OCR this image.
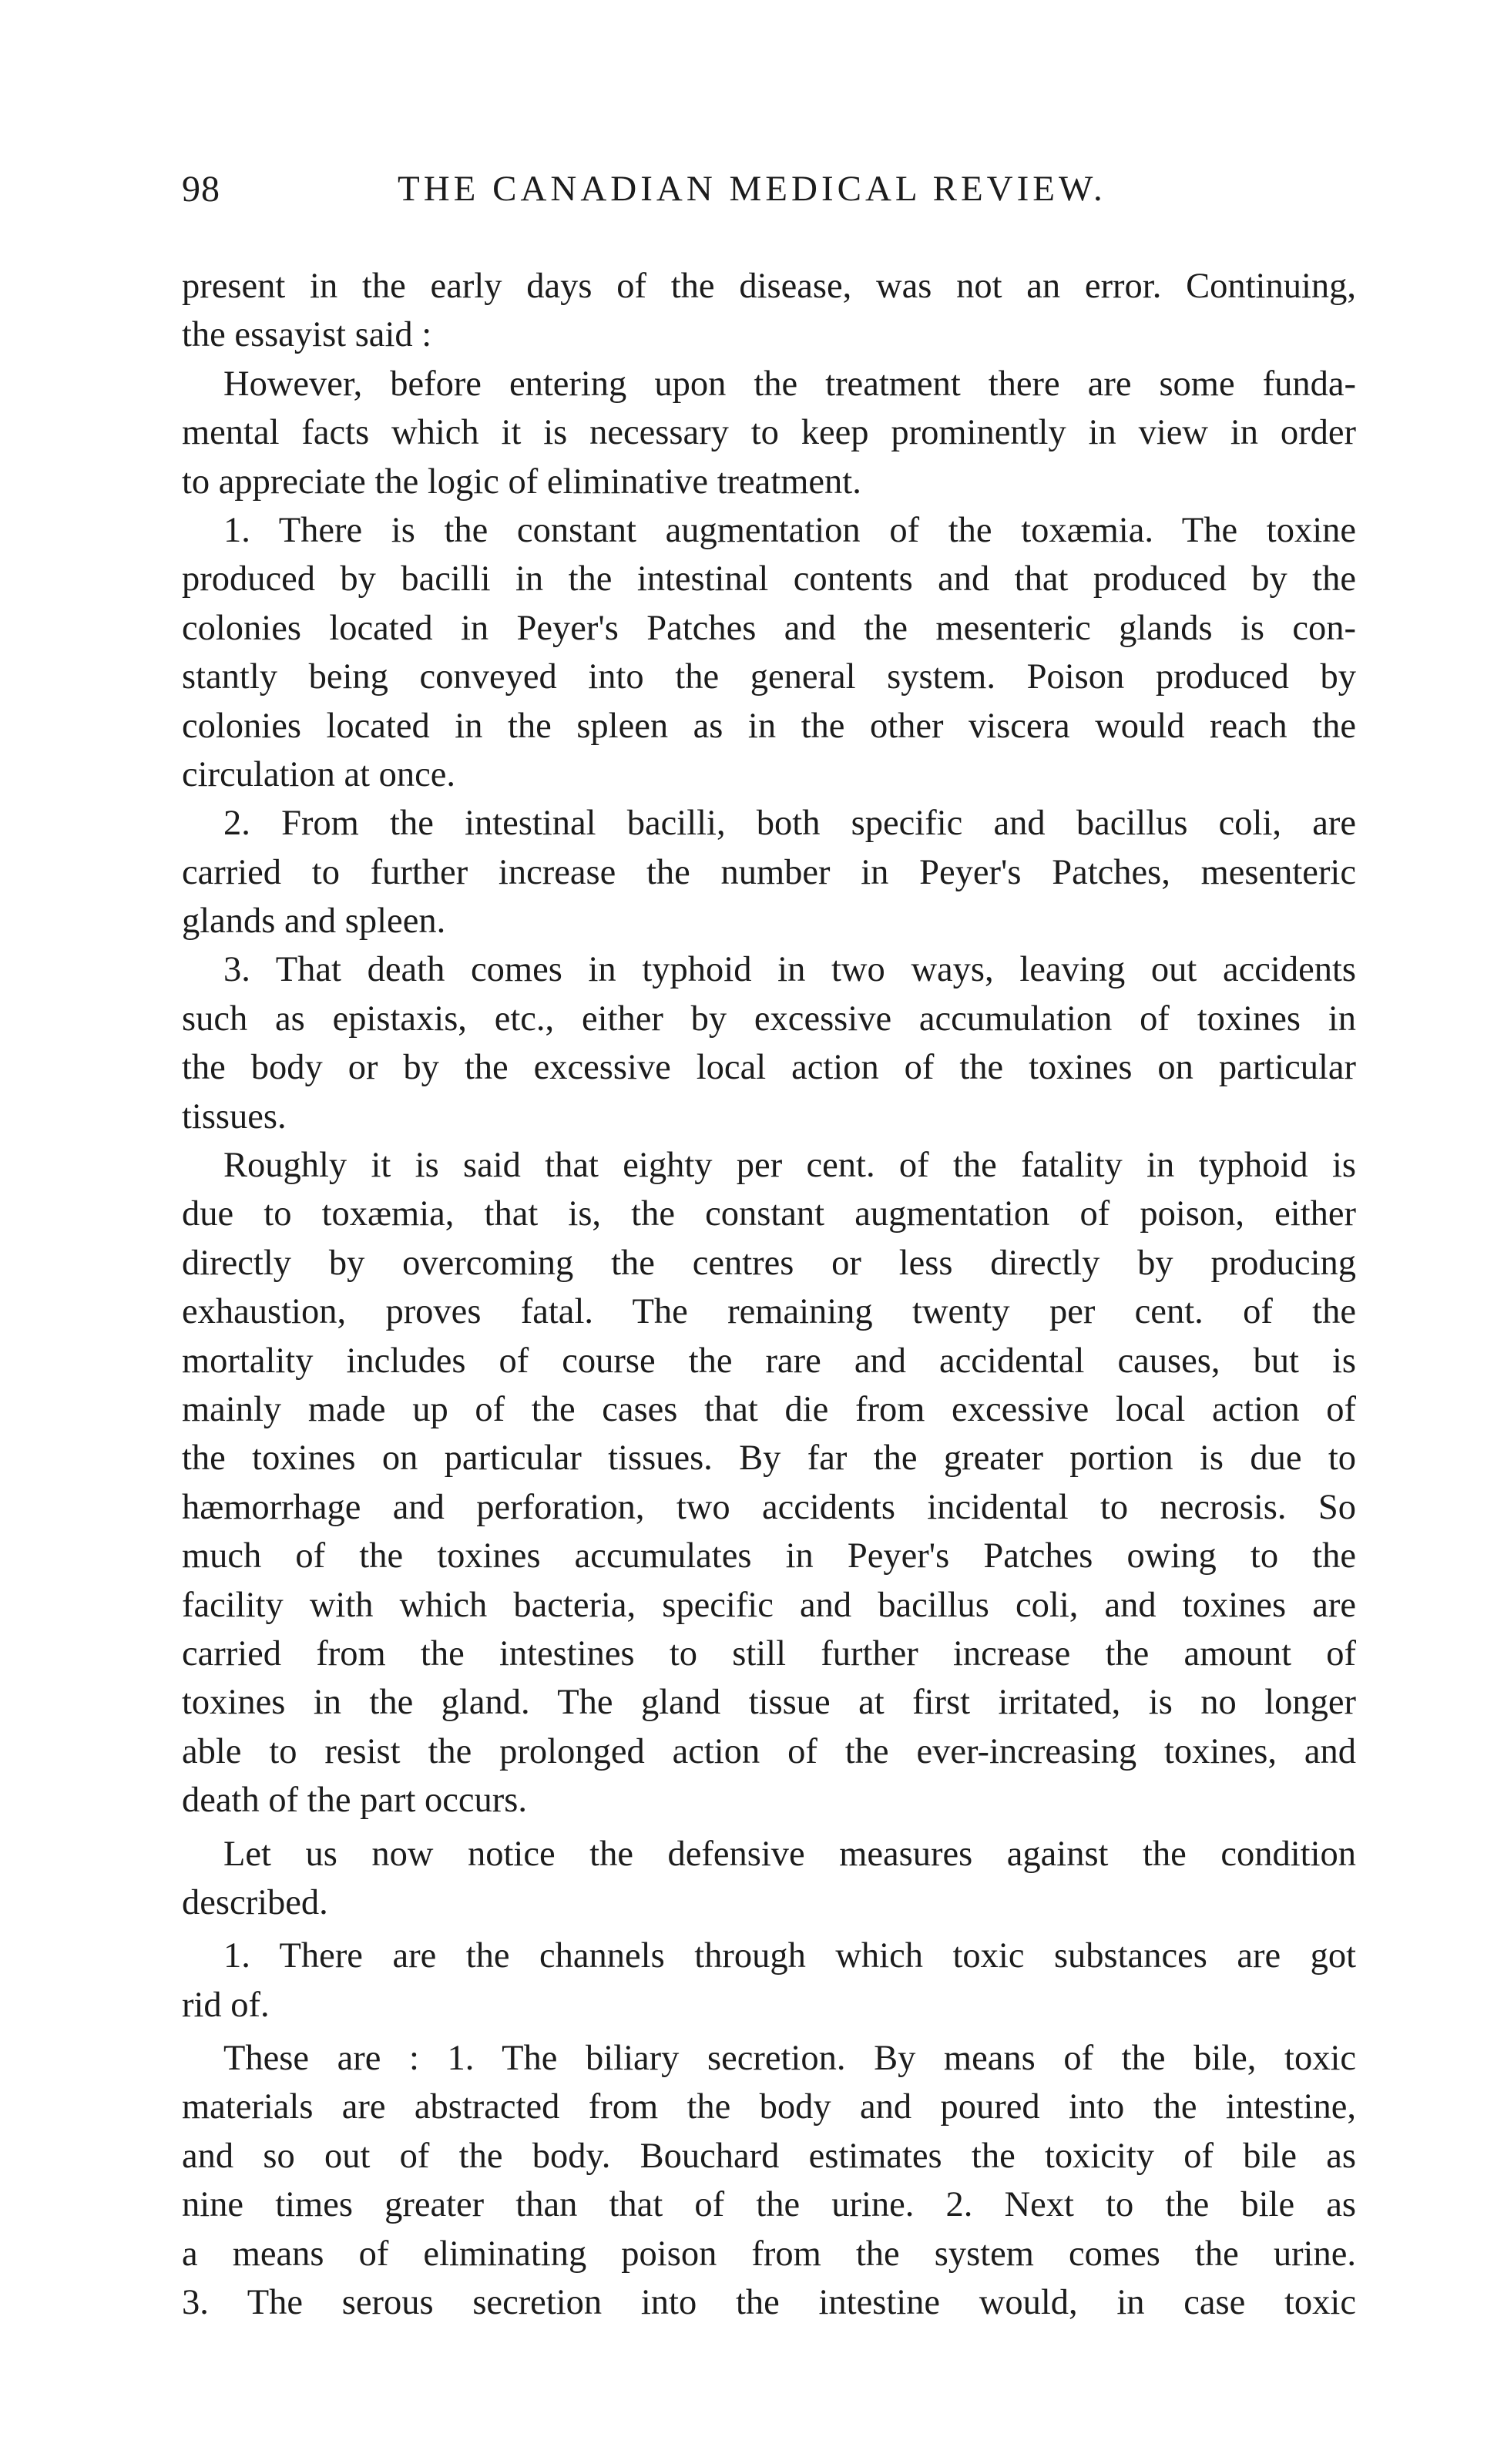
98	THE CANADIAN MEDICAL REVIEW.
present in the early days of the disease, was not an error. Continuing,
the essayist said :
However, before entering upon the treatment there are some funda-
mental facts which it is necessary to keep prominently in view in order
to appreciate the logic of eliminative treatment.
1. There is the constant augmentation of the toxæmia. The toxine
produced by bacilli in the intestinal contents and that produced by the
colonies located in Peyer's Patches and the mesenteric glands is con-
stantly being conveyed into the general system. Poison produced by
colonies located in the spleen as in the other viscera would reach the
circulation at once.
2. From the intestinal bacilli, both specific and bacillus coli, are
carried to further increase the number in Peyer's Patches, mesenteric
glands and spleen.
3. That death comes in typhoid in two ways, leaving out accidents
such as epistaxis, etc., either by excessive accumulation of toxines in
the body or by the excessive local action of the toxines on particular
tissues.
Roughly it is said that eighty per cent. of the fatality in typhoid is
due to toxæmia, that is, the constant augmentation of poison, either
directly by overcoming the centres or less directly by producing
exhaustion, proves fatal. The remaining twenty per cent. of the
mortality includes of course the rare and accidental causes, but is
mainly made up of the cases that die from excessive local action of
the toxines on particular tissues. By far the greater portion is due to
hæmorrhage and perforation, two accidents incidental to necrosis. So
much of the toxines accumulates in Peyer's Patches owing to the
facility with which bacteria, specific and bacillus coli, and toxines are
carried from the intestines to still further increase the amount of
toxines in the gland. The gland tissue at first irritated, is no longer
able to resist the prolonged action of the ever-increasing toxines, and
death of the part occurs.
Let us now notice the defensive measures against the condition
described.
1. There are the channels through which toxic substances are got
rid of.
These are : 1. The biliary secretion. By means of the bile, toxic
materials are abstracted from the body and poured into the intestine,
and so out of the body. Bouchard estimates the toxicity of bile as
nine times greater than that of the urine. 2. Next to the bile as
a means of eliminating poison from the system comes the urine.
3. The serous secretion into the intestine would, in case toxic
